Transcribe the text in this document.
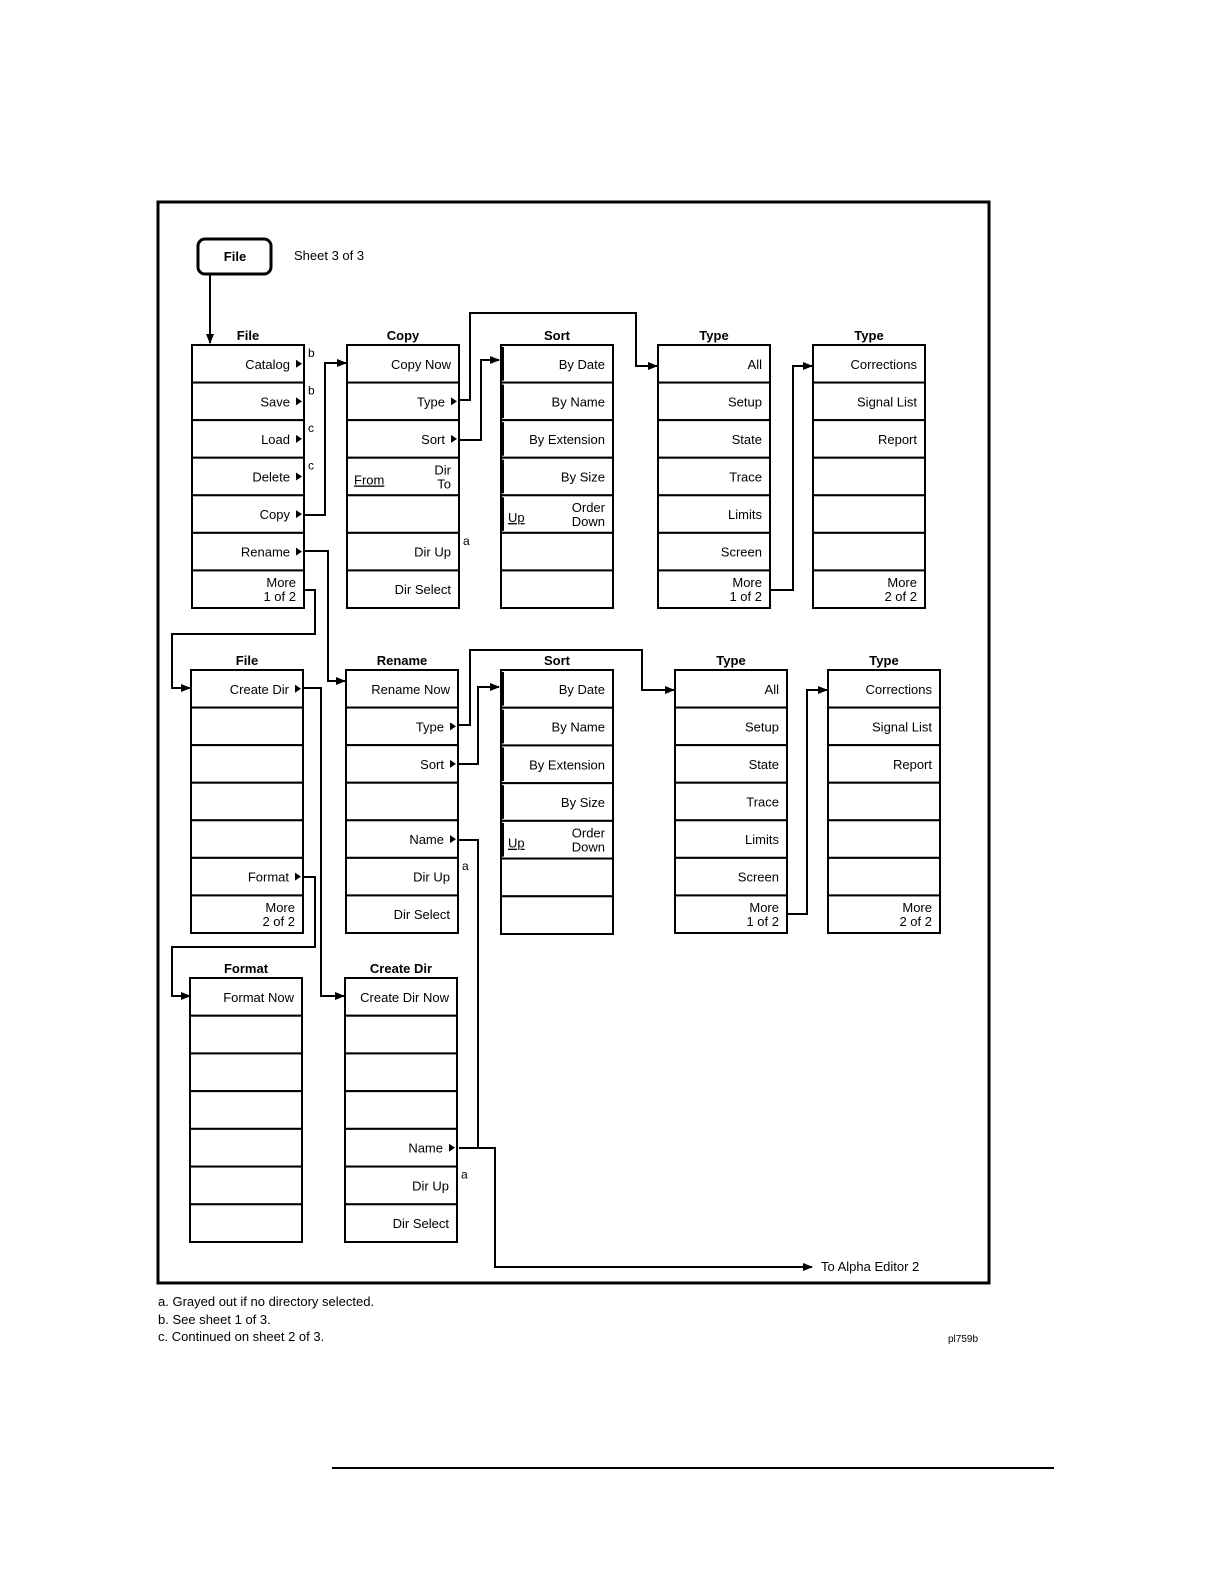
File	Sheet 3 of 3
File
Catalog
b
Save
b
Load
c
Delete
c
Copy
Rename
More
1 of 2
Copy
Copy Now
Type
Sort
Dir
To
From
Dir Up
a
Dir Select
Sort
By Date
By Name
By Extension
By Size
Order
Down
Up
Type
All
Setup
State
Trace
Limits
Screen
More
1 of 2
Type
Corrections
Signal List
Report
More
2 of 2
File
Create Dir
Format
More
2 of 2
Rename
Rename Now
Type
Sort
Name
Dir Up
a
Dir Select
Sort
By Date
By Name
By Extension
By Size
Order
Down
Up
Type
All
Setup
State
Trace
Limits
Screen
More
1 of 2
Type
Corrections
Signal List
Report
More
2 of 2
Format
Format Now
Create Dir
Create Dir Now
Name
Dir Up
a
Dir Select
To Alpha Editor 2
a. Grayed out if no directory selected.
b. See sheet 1 of 3.
c. Continued on sheet 2 of 3.	pl759b
